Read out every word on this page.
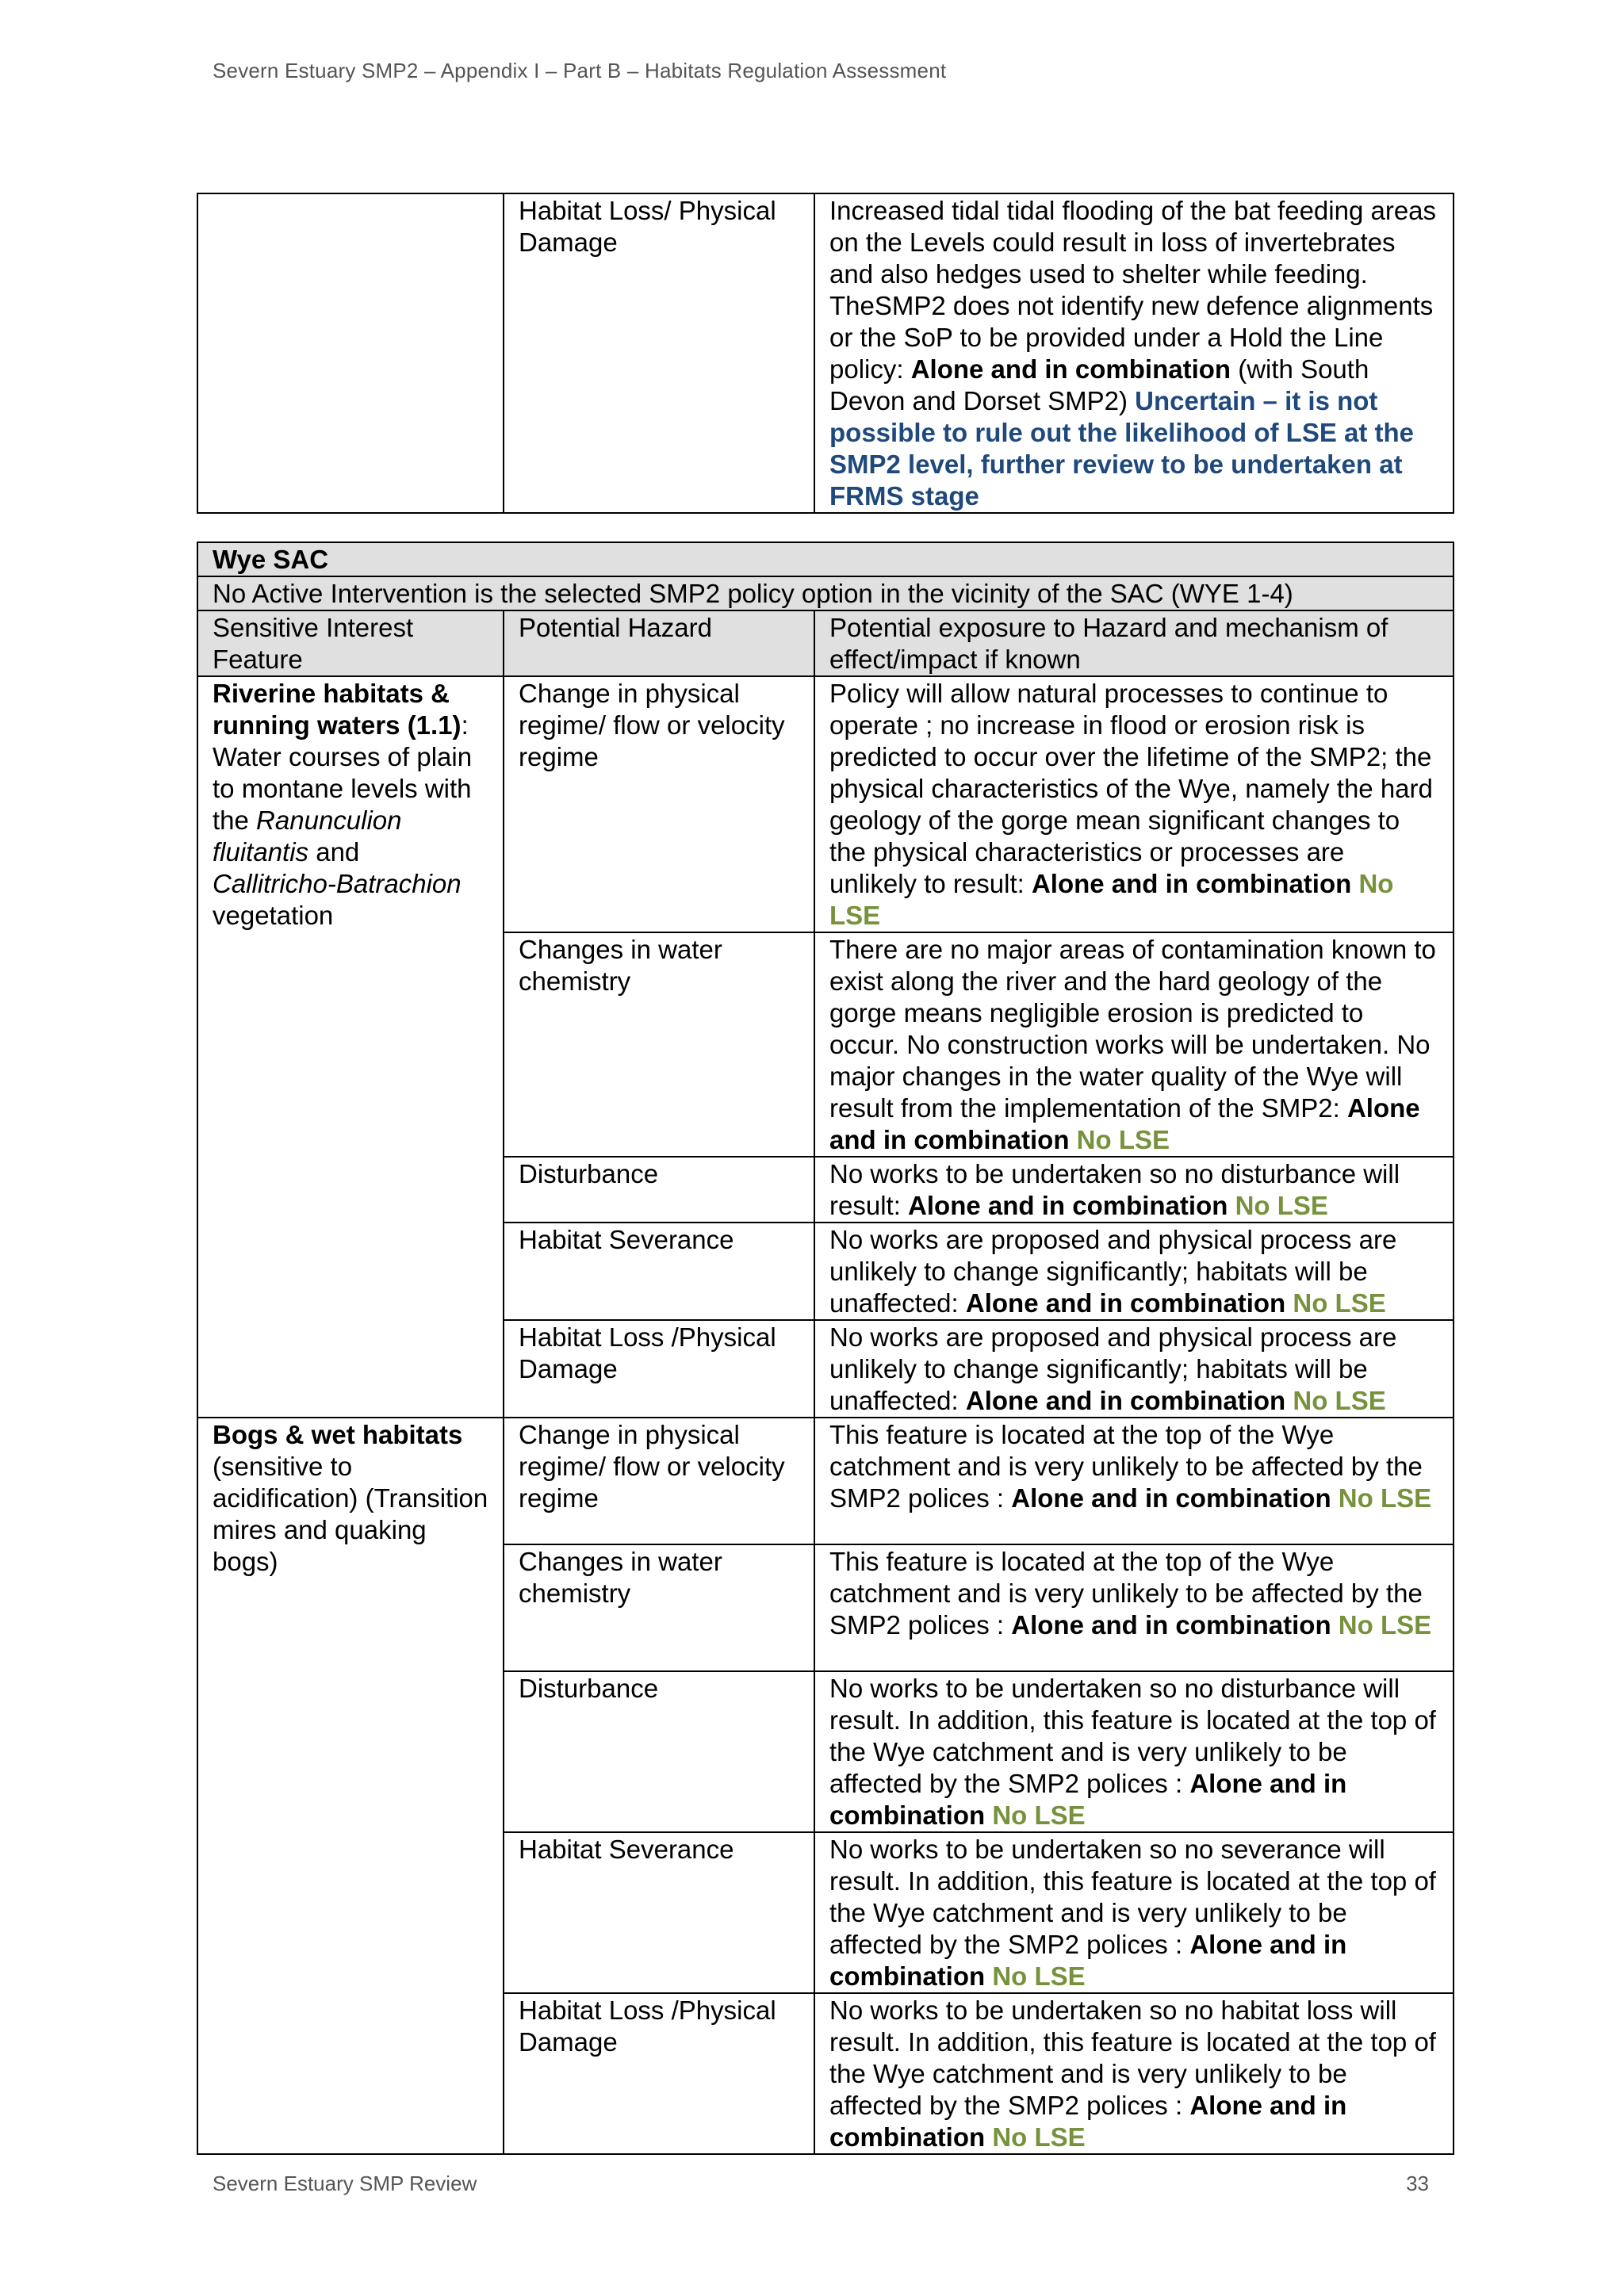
Severn Estuary SMP2 – Appendix I – Part B – Habitats Regulation Assessment
	Habitat Loss/ Physical Damage	Increased tidal tidal flooding of the bat feeding areas on the Levels could result in loss of invertebrates and also hedges used to shelter while feeding. TheSMP2 does not identify new defence alignments or the SoP to be provided under a Hold the Line policy: Alone and in combination (with South Devon and Dorset SMP2) Uncertain – it is not possible to rule out the likelihood of LSE at the SMP2 level, further review to be undertaken at FRMS stage
Wye SAC		
No Active Intervention is the selected SMP2 policy option in the vicinity of the SAC (WYE 1-4)		
Sensitive Interest Feature	Potential Hazard	Potential exposure to Hazard and mechanism of effect/impact if known
Riverine habitats & running waters (1.1): Water courses of plain to montane levels with the Ranunculion fluitantis and Callitricho-Batrachion vegetation	Change in physical regime/ flow or velocity regime	Policy will allow natural processes to continue to operate ; no increase in flood or erosion risk is predicted to occur over the lifetime of the SMP2; the physical characteristics of the Wye, namely the hard geology of the gorge mean significant changes to the physical characteristics or processes are unlikely to result: Alone and in combination No LSE
	Changes in water chemistry	There are no major areas of contamination known to exist along the river and the hard geology of the gorge means negligible erosion is predicted to occur. No construction works will be undertaken. No major changes in the water quality of the Wye will result from the implementation of the SMP2: Alone and in combination No LSE
	Disturbance	No works to be undertaken so no disturbance will result: Alone and in combination No LSE
	Habitat Severance	No works are proposed and physical process are unlikely to change significantly; habitats will be unaffected: Alone and in combination No LSE
	Habitat Loss /Physical Damage	No works are proposed and physical process are unlikely to change significantly; habitats will be unaffected: Alone and in combination No LSE
Bogs & wet habitats (sensitive to acidification) (Transition mires and quaking bogs)	Change in physical regime/ flow or velocity regime	This feature is located at the top of the Wye catchment and is very unlikely to be affected by the SMP2 polices : Alone and in combination No LSE
	Changes in water chemistry	This feature is located at the top of the Wye catchment and is very unlikely to be affected by the SMP2 polices : Alone and in combination No LSE
	Disturbance	No works to be undertaken so no disturbance will result. In addition, this feature is located at the top of the Wye catchment and is very unlikely to be affected by the SMP2 polices : Alone and in combination No LSE
	Habitat Severance	No works to be undertaken so no severance will result. In addition, this feature is located at the top of the Wye catchment and is very unlikely to be affected by the SMP2 polices : Alone and in combination No LSE
	Habitat Loss /Physical Damage	No works to be undertaken so no habitat loss will result. In addition, this feature is located at the top of the Wye catchment and is very unlikely to be affected by the SMP2 polices : Alone and in combination No LSE
Severn Estuary SMP Review	33
